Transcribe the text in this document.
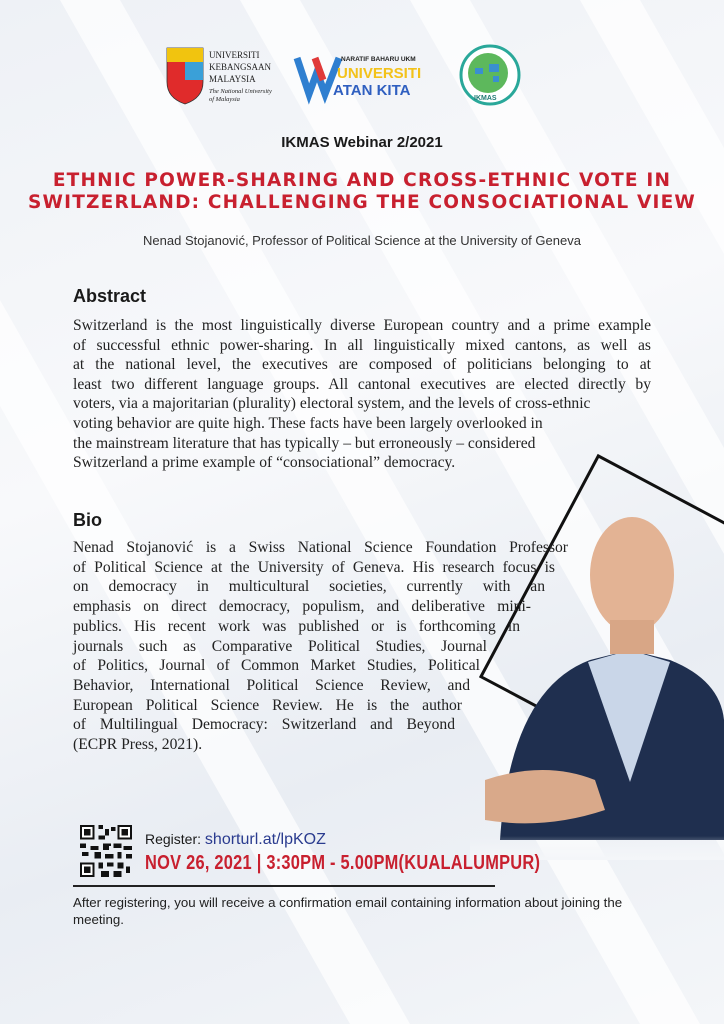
UNIVERSITI
KEBANGSAAN
MALAYSIA
The National University
of Malaysia
NARATIF BAHARU UKM
UNIVERSITI
ATAN KITA	IKMAS
IKMAS Webinar 2/2021
ETHNIC POWER-SHARING AND CROSS-ETHNIC VOTE IN
SWITZERLAND: CHALLENGING THE CONSOCIATIONAL VIEW
Nenad Stojanović, Professor of Political Science at the University of Geneva
Abstract
Switzerland is the most linguistically diverse European country and a prime example
of successful ethnic power-sharing. In all linguistically mixed cantons, as well as
at the national level, the executives are composed of politicians belonging to at
least two different language groups. All cantonal executives are elected directly by
voters, via a majoritarian (plurality) electoral system, and the levels of cross-ethnic
voting behavior are quite high. These facts have been largely overlooked in
the mainstream literature that has typically – but erroneously – considered
Switzerland a prime example of “consociational” democracy.
Bio
Nenad Stojanović is a Swiss National Science Foundation Professor
of Political Science at the University of Geneva. His research focus is
on democracy in multicultural societies, currently with an
emphasis on direct democracy, populism, and deliberative mini-
publics. His recent work was published or is forthcoming in
journals such as Comparative Political Studies, Journal
of Politics, Journal of Common Market Studies, Political
Behavior, International Political Science Review, and
European Political Science Review. He is the author
of Multilingual Democracy: Switzerland and Beyond
(ECPR Press, 2021).
Register: shorturl.at/lpKOZ
NOV 26, 2021 | 3:30PM - 5.00PM(KUALALUMPUR)
After registering, you will receive a confirmation email containing information about joining the meeting.
